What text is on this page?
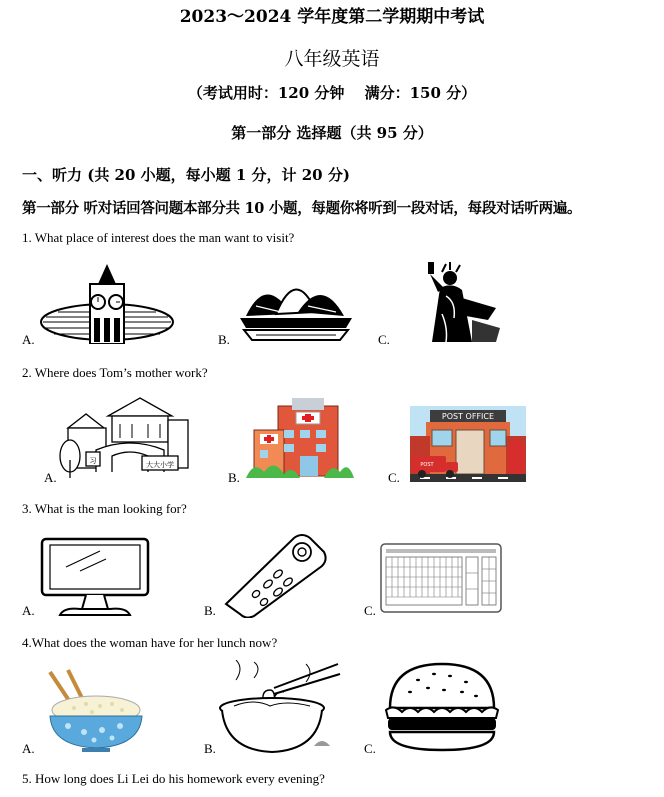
2023～2024 学年度第二学期期中考试
八年级英语
（考试用时：120 分钟　 满分：150 分）
第一部分 选择题（共 95 分）
一、听力 (共 20 小题，每小题 1 分，计 20 分)
第一部分 听对话回答问题本部分共 10 小题，每题你将听到一段对话，每段对话听两遍。
1. What place of interest does the man want to visit?
A.	B.	C.
2. Where does Tom’s mother work?
A.	B.	C.
大大小学
习
POST OFFICE
POST
3. What is the man looking for?
A.	B.	C.
4.What does the woman have for her lunch now?
A.	B.	C.
5. How long does Li Lei do his homework every evening?
